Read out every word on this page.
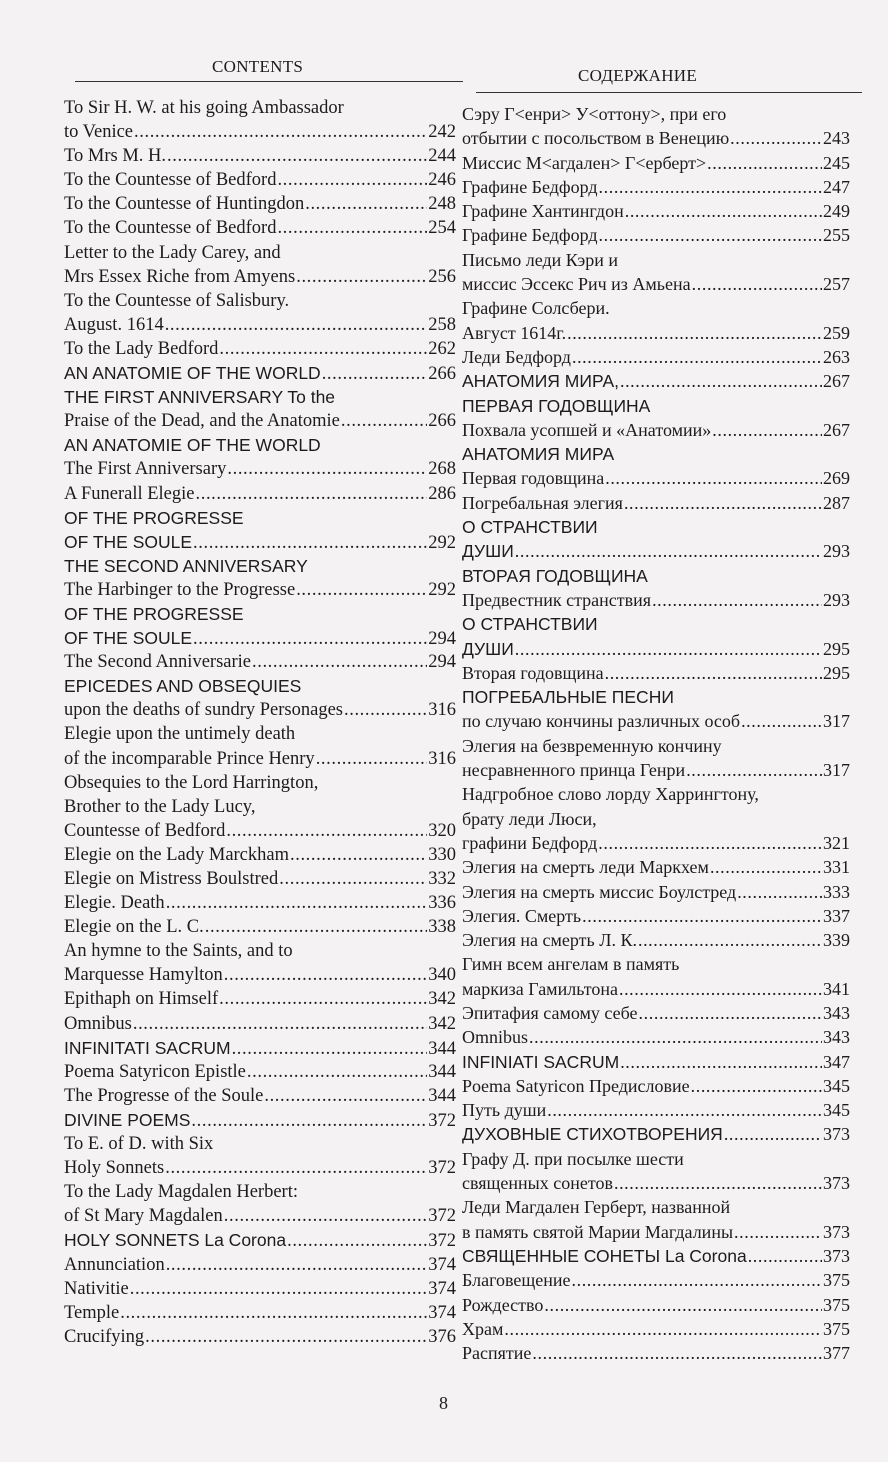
CONTENTS	СОДЕРЖАНИЕ
To Sir H. W. at his going Ambassador
to Venice .....	242
To Mrs M. H. .....	244
To the Countesse of Bedford .....	246
To the Countesse of Huntingdon .....	248
To the Countesse of Bedford .....	254
Letter to the Lady Carey, and
Mrs Essex Riche from Amyens .....	256
To the Countesse of Salisbury.
August. 1614 .....	258
To the Lady Bedford .....	262
AN ANATOMIE OF THE WORLD .....	266
THE FIRST ANNIVERSARY To the
Praise of the Dead, and the Anatomie .....	266
AN ANATOMIE OF THE WORLD
The First Anniversary .....	268
A Funerall Elegie .....	286
OF THE PROGRESSE
OF THE SOULE .....	292
THE SECOND ANNIVERSARY
The Harbinger to the Progresse .....	292
OF THE PROGRESSE
OF THE SOULE .....	294
The Second Anniversarie .....	294
EPICEDES AND OBSEQUIES
upon the deaths of sundry Personages .....	316
Elegie upon the untimely death
of the incomparable Prince Henry .....	316
Obsequies to the Lord Harrington,
Brother to the Lady Lucy,
Countesse of Bedford .....	320
Elegie on the Lady Marckham .....	330
Elegie on Mistress Boulstred .....	332
Elegie. Death .....	336
Elegie on the L. C. .....	338
An hymne to the Saints, and to
Marquesse Hamylton .....	340
Epithaph on Himself .....	342
Omnibus .....	342
INFINITATI SACRUM .....	344
Poema Satyricon Epistle .....	344
The Progresse of the Soule .....	344
DIVINE POEMS .....	372
To E. of D. with Six
Holy Sonnets .....	372
To the Lady Magdalen Herbert:
of St Mary Magdalen .....	372
HOLY SONNETS La Corona .....	372
Annunciation .....	374
Nativitie .....	374
Temple .....	374
Crucifying .....	376
Сэру Г<енри> У<оттону>, при его
отбытии с посольством в Венецию .....	243
Миссис М<агдален> Г<ерберт> .....	245
Графине Бедфорд .....	247
Графине Хантингдон .....	249
Графине Бедфорд .....	255
Письмо леди Кэри и
миссис Эссекс Рич из Амьена .....	257
Графине Солсбери.
Август 1614г. .....	259
Леди Бедфорд .....	263
АНАТОМИЯ МИРА, .....	267
ПЕРВАЯ ГОДОВЩИНА
Похвала усопшей и «Анатомии» .....	267
АНАТОМИЯ МИРА
Первая годовщина .....	269
Погребальная элегия .....	287
О СТРАНСТВИИ
ДУШИ .....	293
ВТОРАЯ ГОДОВЩИНА
Предвестник странствия .....	293
О СТРАНСТВИИ
ДУШИ .....	295
Вторая годовщина .....	295
ПОГРЕБАЛЬНЫЕ ПЕСНИ
по случаю кончины различных особ .....	317
Элегия на безвременную кончину
несравненного принца Генри .....	317
Надгробное слово лорду Харрингтону,
брату леди Люси,
графини Бедфорд .....	321
Элегия на смерть леди Маркхем .....	331
Элегия на смерть миссис Боулстред .....	333
Элегия. Смерть .....	337
Элегия на смерть Л. К. .....	339
Гимн всем ангелам в память
маркиза Гамильтона .....	341
Эпитафия самому себе .....	343
Omnibus .....	343
INFINIATI SACRUM .....	347
Poema Satyricon Предисловие .....	345
Путь души .....	345
ДУХОВНЫЕ СТИХОТВОРЕНИЯ .....	373
Графу Д. при посылке шести
священных сонетов .....	373
Леди Магдален Герберт, названной
в память святой Марии Магдалины .....	373
СВЯЩЕННЫЕ СОНЕТЫ La Corona .....	373
Благовещение .....	375
Рождество .....	375
Храм .....	375
Распятие .....	377
8
